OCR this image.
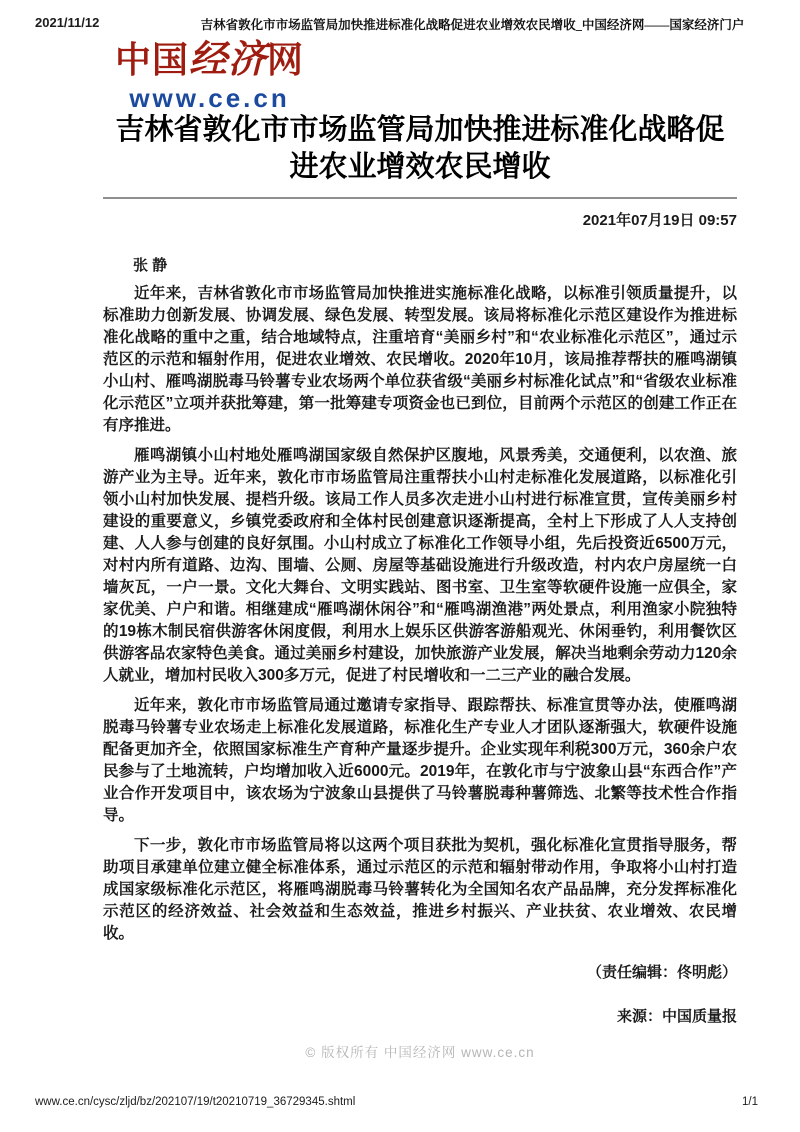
2021/11/12	吉林省敦化市市场监管局加快推进标准化战略促进农业增效农民增收_中国经济网——国家经济门户
中国经济网
www.ce.cn
吉林省敦化市市场监管局加快推进标准化战略促进农业增效农民增收
2021年07月19日 09:57
张 静

近年来，吉林省敦化市市场监管局加快推进实施标准化战略，以标准引领质量提升，以标准助力创新发展、协调发展、绿色发展、转型发展。该局将标准化示范区建设作为推进标准化战略的重中之重，结合地域特点，注重培育“美丽乡村”和“农业标准化示范区”，通过示范区的示范和辐射作用，促进农业增效、农民增收。2020年10月，该局推荐帮扶的雁鸣湖镇小山村、雁鸣湖脱毒马铃薯专业农场两个单位获省级“美丽乡村标准化试点”和“省级农业标准化示范区”立项并获批筹建，第一批筹建专项资金也已到位，目前两个示范区的创建工作正在有序推进。

雁鸣湖镇小山村地处雁鸣湖国家级自然保护区腹地，风景秀美，交通便利，以农渔、旅游产业为主导。近年来，敦化市市场监管局注重帮扶小山村走标准化发展道路，以标准化引领小山村加快发展、提档升级。该局工作人员多次走进小山村进行标准宣贯，宣传美丽乡村建设的重要意义，乡镇党委政府和全体村民创建意识逐渐提高，全村上下形成了人人支持创建、人人参与创建的良好氛围。小山村成立了标准化工作领导小组，先后投资近6500万元，对村内所有道路、边沟、围墙、公厕、房屋等基础设施进行升级改造，村内农户房屋统一白墙灰瓦，一户一景。文化大舞台、文明实践站、图书室、卫生室等软硬件设施一应俱全，家家优美、户户和谐。相继建成“雁鸣湖休闲谷”和“雁鸣湖渔港”两处景点，利用渔家小院独特的19栋木制民宿供游客休闲度假，利用水上娱乐区供游客游船观光、休闲垂钓，利用餐饮区供游客品农家特色美食。通过美丽乡村建设，加快旅游产业发展，解决当地剩余劳动力120余人就业，增加村民收入300多万元，促进了村民增收和一二三产业的融合发展。

近年来，敦化市市场监管局通过邀请专家指导、跟踪帮扶、标准宣贯等办法，使雁鸣湖脱毒马铃薯专业农场走上标准化发展道路，标准化生产专业人才团队逐渐强大，软硬件设施配备更加齐全，依照国家标准生产育种产量逐步提升。企业实现年利税300万元，360余户农民参与了土地流转，户均增加收入近6000元。2019年，在敦化市与宁波象山县“东西合作”产业合作开发项目中，该农场为宁波象山县提供了马铃薯脱毒种薯筛选、北繁等技术性合作指导。

下一步，敦化市市场监管局将以这两个项目获批为契机，强化标准化宣贯指导服务，帮助项目承建单位建立健全标准体系，通过示范区的示范和辐射带动作用，争取将小山村打造成国家级标准化示范区，将雁鸣湖脱毒马铃薯转化为全国知名农产品品牌，充分发挥标准化示范区的经济效益、社会效益和生态效益，推进乡村振兴、产业扶贫、农业增效、农民增收。

（责任编辑：佟明彪）
来源：中国质量报
© 版权所有 中国经济网 www.ce.cn
www.ce.cn/cysc/zljd/bz/202107/19/t20210719_36729345.shtml	1/1
